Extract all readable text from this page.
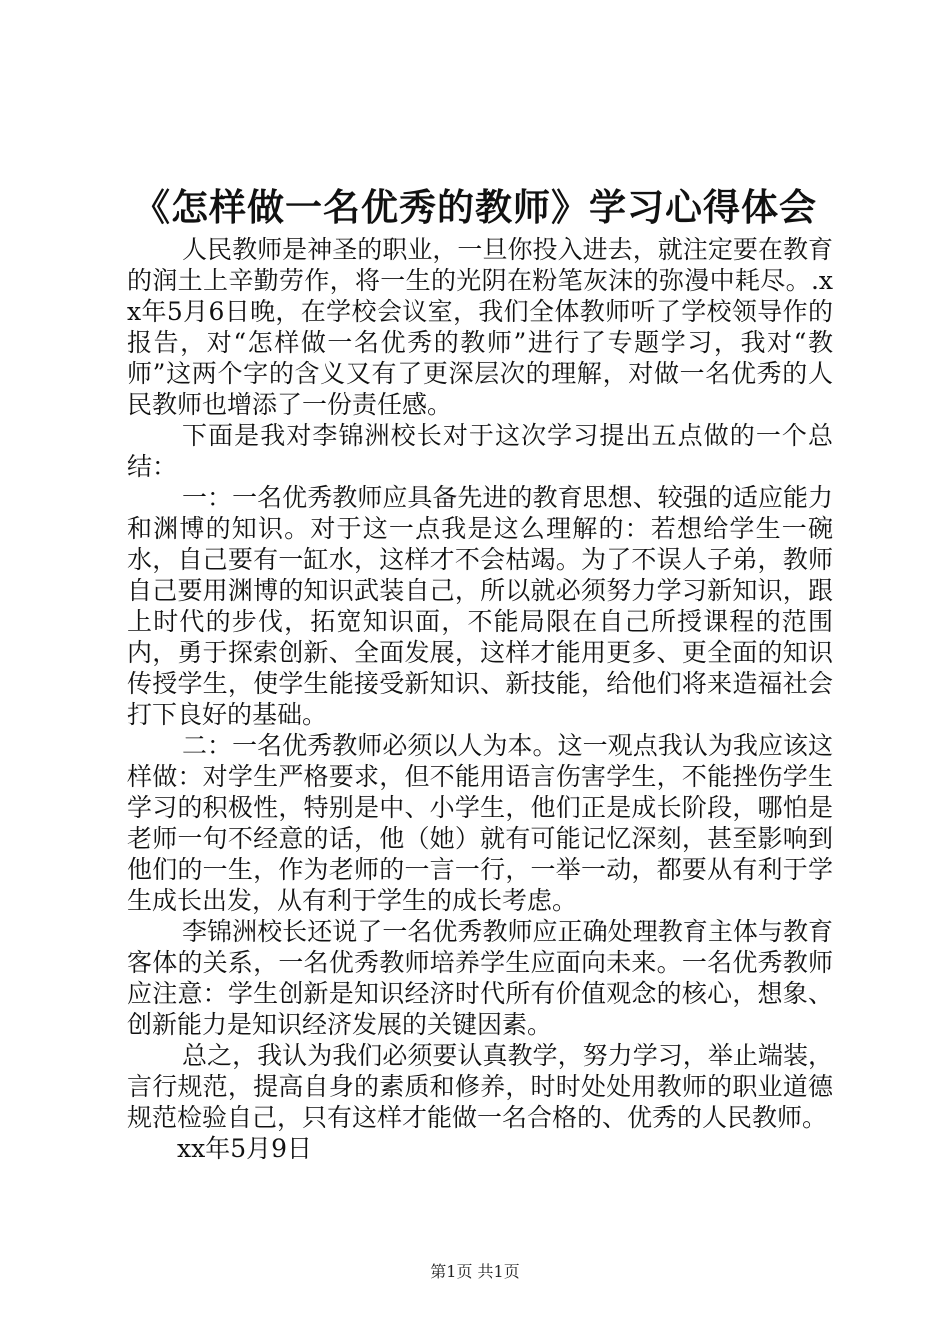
《怎样做一名优秀的教师》学习心得体会

人民教师是神圣的职业，一旦你投入进去，就注定要在教育的润土上辛勤劳作，将一生的光阴在粉笔灰沫的弥漫中耗尽。.xx年5月6日晚，在学校会议室，我们全体教师听了学校领导作的报告，对“怎样做一名优秀的教师”进行了专题学习，我对“教师”这两个字的含义又有了更深层次的理解，对做一名优秀的人民教师也增添了一份责任感。

下面是我对李锦洲校长对于这次学习提出五点做的一个总结：

一：一名优秀教师应具备先进的教育思想、较强的适应能力和渊博的知识。对于这一点我是这么理解的：若想给学生一碗水，自己要有一缸水，这样才不会枯竭。为了不误人子弟，教师自己要用渊博的知识武装自己，所以就必须努力学习新知识，跟上时代的步伐，拓宽知识面，不能局限在自己所授课程的范围内，勇于探索创新、全面发展，这样才能用更多、更全面的知识传授学生，使学生能接受新知识、新技能，给他们将来造福社会打下良好的基础。

二：一名优秀教师必须以人为本。这一观点我认为我应该这样做：对学生严格要求，但不能用语言伤害学生，不能挫伤学生学习的积极性，特别是中、小学生，他们正是成长阶段，哪怕是老师一句不经意的话，他（她）就有可能记忆深刻，甚至影响到他们的一生，作为老师的一言一行，一举一动，都要从有利于学生成长出发，从有利于学生的成长考虑。

李锦洲校长还说了一名优秀教师应正确处理教育主体与教育客体的关系，一名优秀教师培养学生应面向未来。一名优秀教师应注意：学生创新是知识经济时代所有价值观念的核心，想象、创新能力是知识经济发展的关键因素。

总之，我认为我们必须要认真教学，努力学习，举止端装，言行规范，提高自身的素质和修养，时时处处用教师的职业道德规范检验自己，只有这样才能做一名合格的、优秀的人民教师。

xx年5月9日

第1页 共1页
